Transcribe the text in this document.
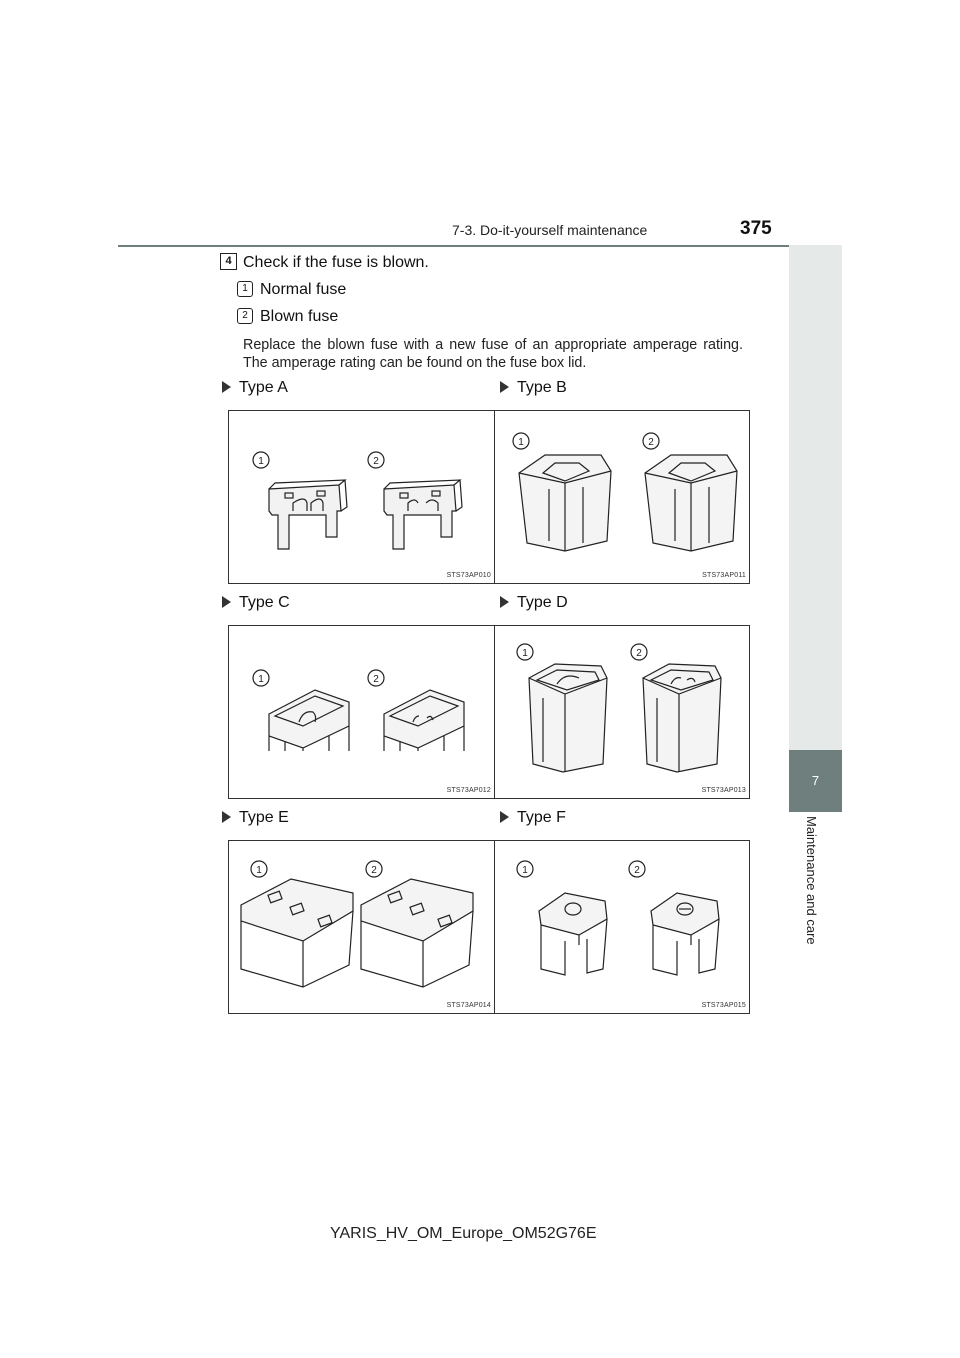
7-3. Do-it-yourself maintenance	375
7
Maintenance and care
4 Check if the fuse is blown.
1 Normal fuse
2 Blown fuse
Replace the blown fuse with a new fuse of an appropriate amperage rating. The amperage rating can be found on the fuse box lid.
Type A	Type B
Type C	Type D
Type E	Type F
1	2
STS73AP010
1	2
STS73AP011
1	2
STS73AP012
1	2
STS73AP013
1	2
STS73AP014
1	2
STS73AP015
YARIS_HV_OM_Europe_OM52G76E
